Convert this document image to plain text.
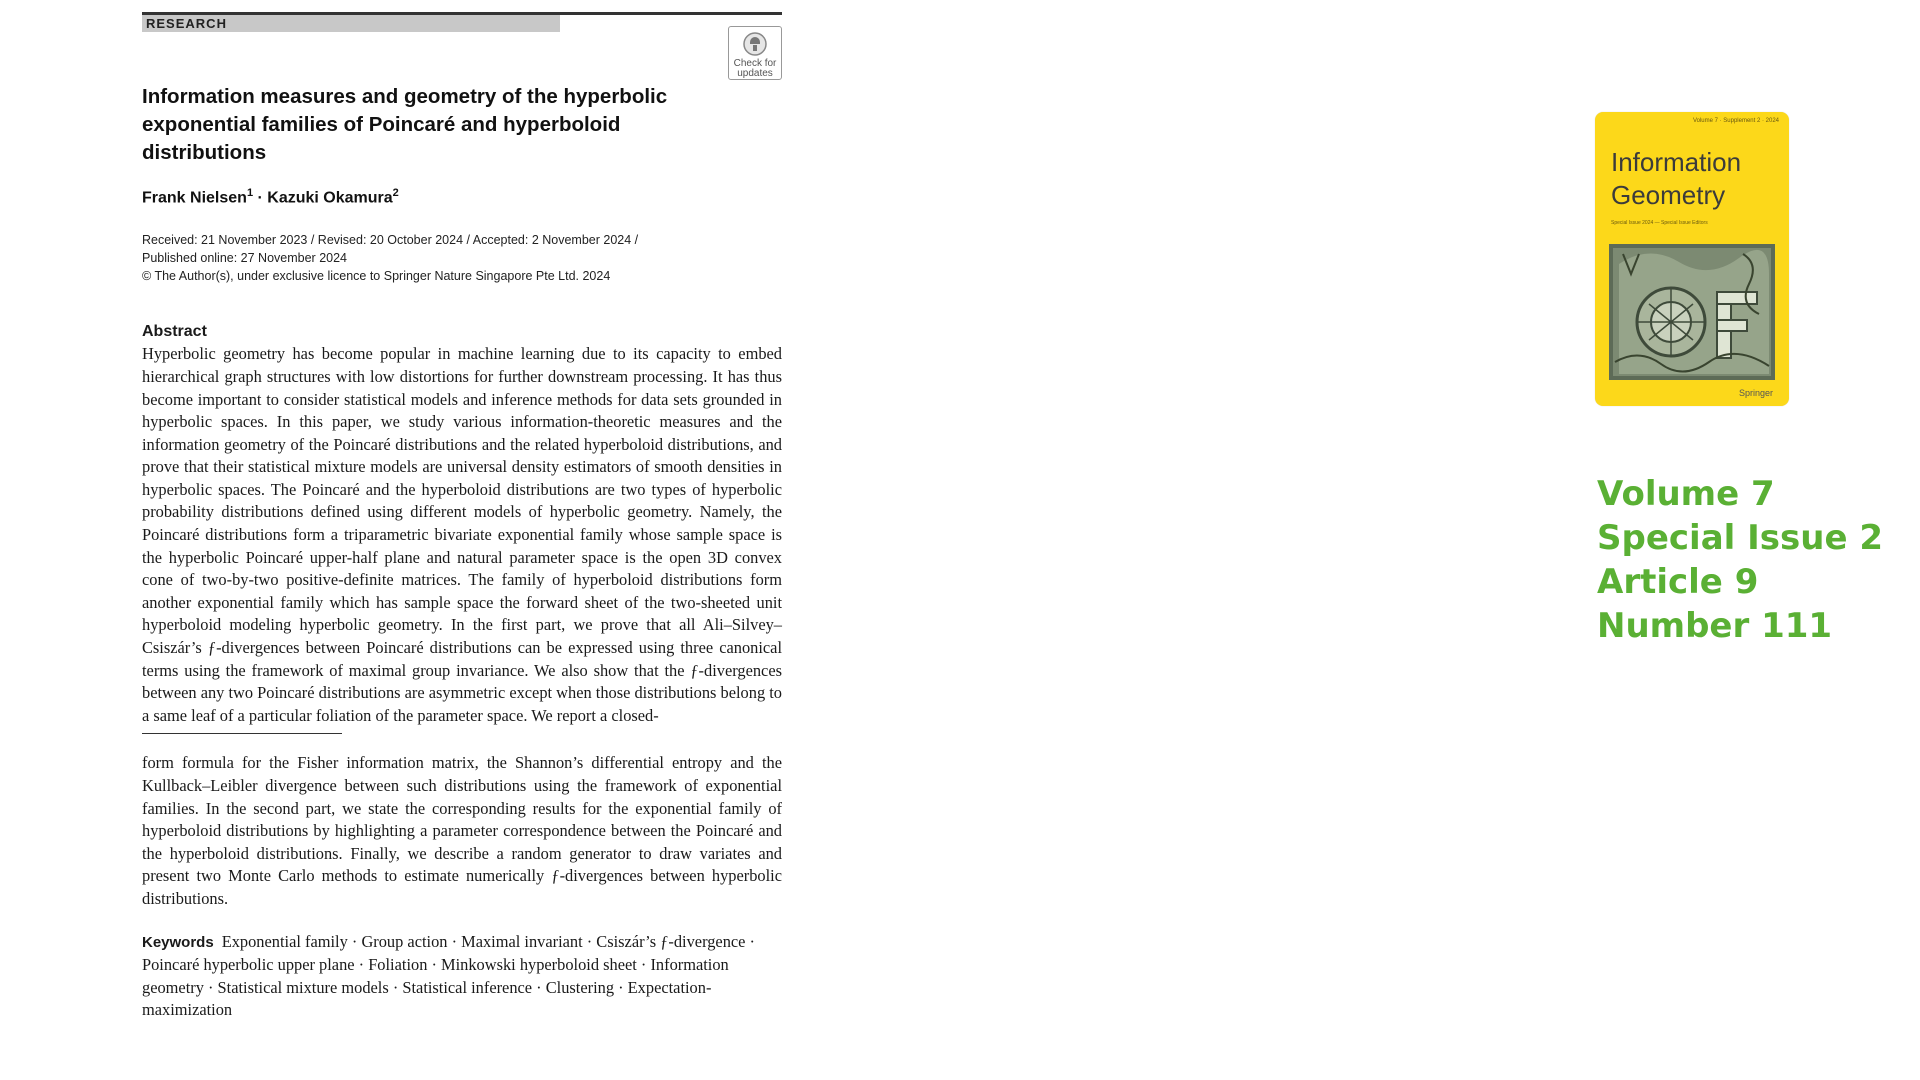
RESEARCH
Check for
updates
Information measures and geometry of the hyperbolic exponential families of Poincaré and hyperboloid distributions
Frank Nielsen$^1$ · Kazuki Okamura$^2$
Received: 21 November 2023 / Revised: 20 October 2024 / Accepted: 2 November 2024 /
Published online: 27 November 2024
© The Author(s), under exclusive licence to Springer Nature Singapore Pte Ltd. 2024
Abstract
Hyperbolic geometry has become popular in machine learning due to its capacity to embed hierarchical graph structures with low distortions for further downstream processing. It has thus become important to consider statistical models and inference methods for data sets grounded in hyperbolic spaces. In this paper, we study various information-theoretic measures and the information geometry of the Poincaré distributions and the related hyperboloid distributions, and prove that their statistical mixture models are universal density estimators of smooth densities in hyperbolic spaces. The Poincaré and the hyperboloid distributions are two types of hyperbolic probability distributions defined using different models of hyperbolic geometry. Namely, the Poincaré distributions form a triparametric bivariate exponential family whose sample space is the hyperbolic Poincaré upper-half plane and natural parameter space is the open 3D convex cone of two-by-two positive-definite matrices. The family of hyperboloid distributions form another exponential family which has sample space the forward sheet of the two-sheeted unit hyperboloid modeling hyperbolic geometry. In the first part, we prove that all Ali–Silvey–Csiszár’s ƒ-divergences between Poincaré distributions can be expressed using three canonical terms using the framework of maximal group invariance. We also show that the ƒ-divergences between any two Poincaré distributions are asymmetric except when those distributions belong to a same leaf of a particular foliation of the parameter space. We report a closed-
form formula for the Fisher information matrix, the Shannon’s differential entropy and the Kullback–Leibler divergence between such distributions using the framework of exponential families. In the second part, we state the corresponding results for the exponential family of hyperboloid distributions by highlighting a parameter correspondence between the Poincaré and the hyperboloid distributions. Finally, we describe a random generator to draw variates and present two Monte Carlo methods to estimate numerically ƒ-divergences between hyperbolic distributions.
Keywords Exponential family · Group action · Maximal invariant · Csiszár’s ƒ-divergence · Poincaré hyperbolic upper plane · Foliation · Minkowski hyperboloid sheet · Information geometry · Statistical mixture models · Statistical inference · Clustering · Expectation-maximization
Volume 7 · Supplement 2 · 2024
Information
Geometry
Special Issue 2024 — Special Issue Editors
Springer
Volume 7
Special Issue 2
Article 9
Number 111
